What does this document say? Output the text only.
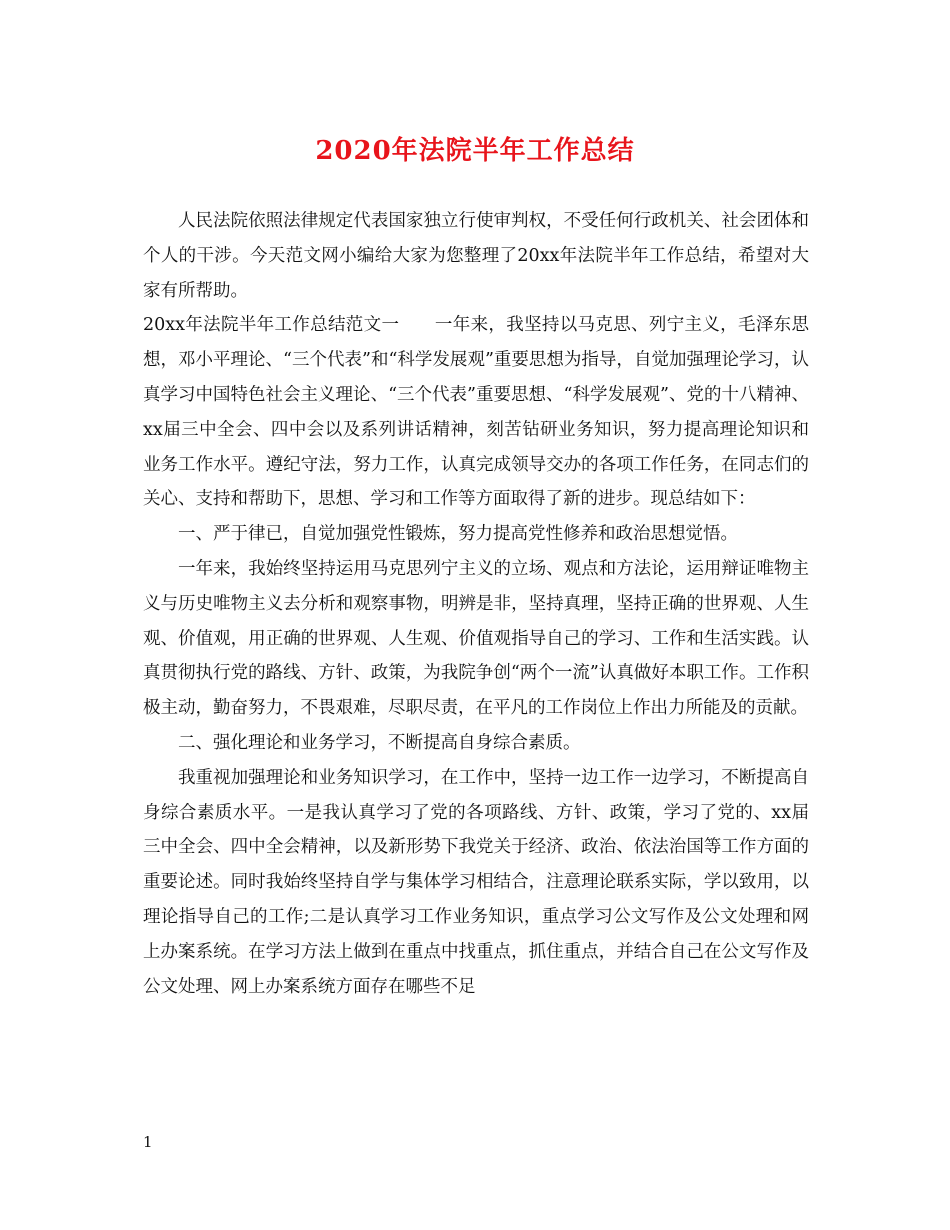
2020年法院半年工作总结

人民法院依照法律规定代表国家独立行使审判权，不受任何行政机关、社会团体和个人的干涉。今天范文网小编给大家为您整理了20xx年法院半年工作总结，希望对大家有所帮助。

20xx年法院半年工作总结范文一　　一年来，我坚持以马克思、列宁主义，毛泽东思想，邓小平理论、“三个代表”和“科学发展观”重要思想为指导，自觉加强理论学习，认真学习中国特色社会主义理论、“三个代表”重要思想、“科学发展观”、党的十八精神、xx届三中全会、四中会以及系列讲话精神，刻苦钻研业务知识，努力提高理论知识和业务工作水平。遵纪守法，努力工作，认真完成领导交办的各项工作任务，在同志们的关心、支持和帮助下，思想、学习和工作等方面取得了新的进步。现总结如下：

一、严于律已，自觉加强党性锻炼，努力提高党性修养和政治思想觉悟。

一年来，我始终坚持运用马克思列宁主义的立场、观点和方法论，运用辩证唯物主义与历史唯物主义去分析和观察事物，明辨是非，坚持真理，坚持正确的世界观、人生观、价值观，用正确的世界观、人生观、价值观指导自己的学习、工作和生活实践。认真贯彻执行党的路线、方针、政策，为我院争创“两个一流”认真做好本职工作。工作积极主动，勤奋努力，不畏艰难，尽职尽责，在平凡的工作岗位上作出力所能及的贡献。

二、强化理论和业务学习，不断提高自身综合素质。

我重视加强理论和业务知识学习，在工作中，坚持一边工作一边学习，不断提高自身综合素质水平。一是我认真学习了党的各项路线、方针、政策，学习了党的、xx届三中全会、四中全会精神，以及新形势下我党关于经济、政治、依法治国等工作方面的重要论述。同时我始终坚持自学与集体学习相结合，注意理论联系实际，学以致用，以理论指导自己的工作;二是认真学习工作业务知识，重点学习公文写作及公文处理和网上办案系统。在学习方法上做到在重点中找重点，抓住重点，并结合自己在公文写作及公文处理、网上办案系统方面存在哪些不足

1
